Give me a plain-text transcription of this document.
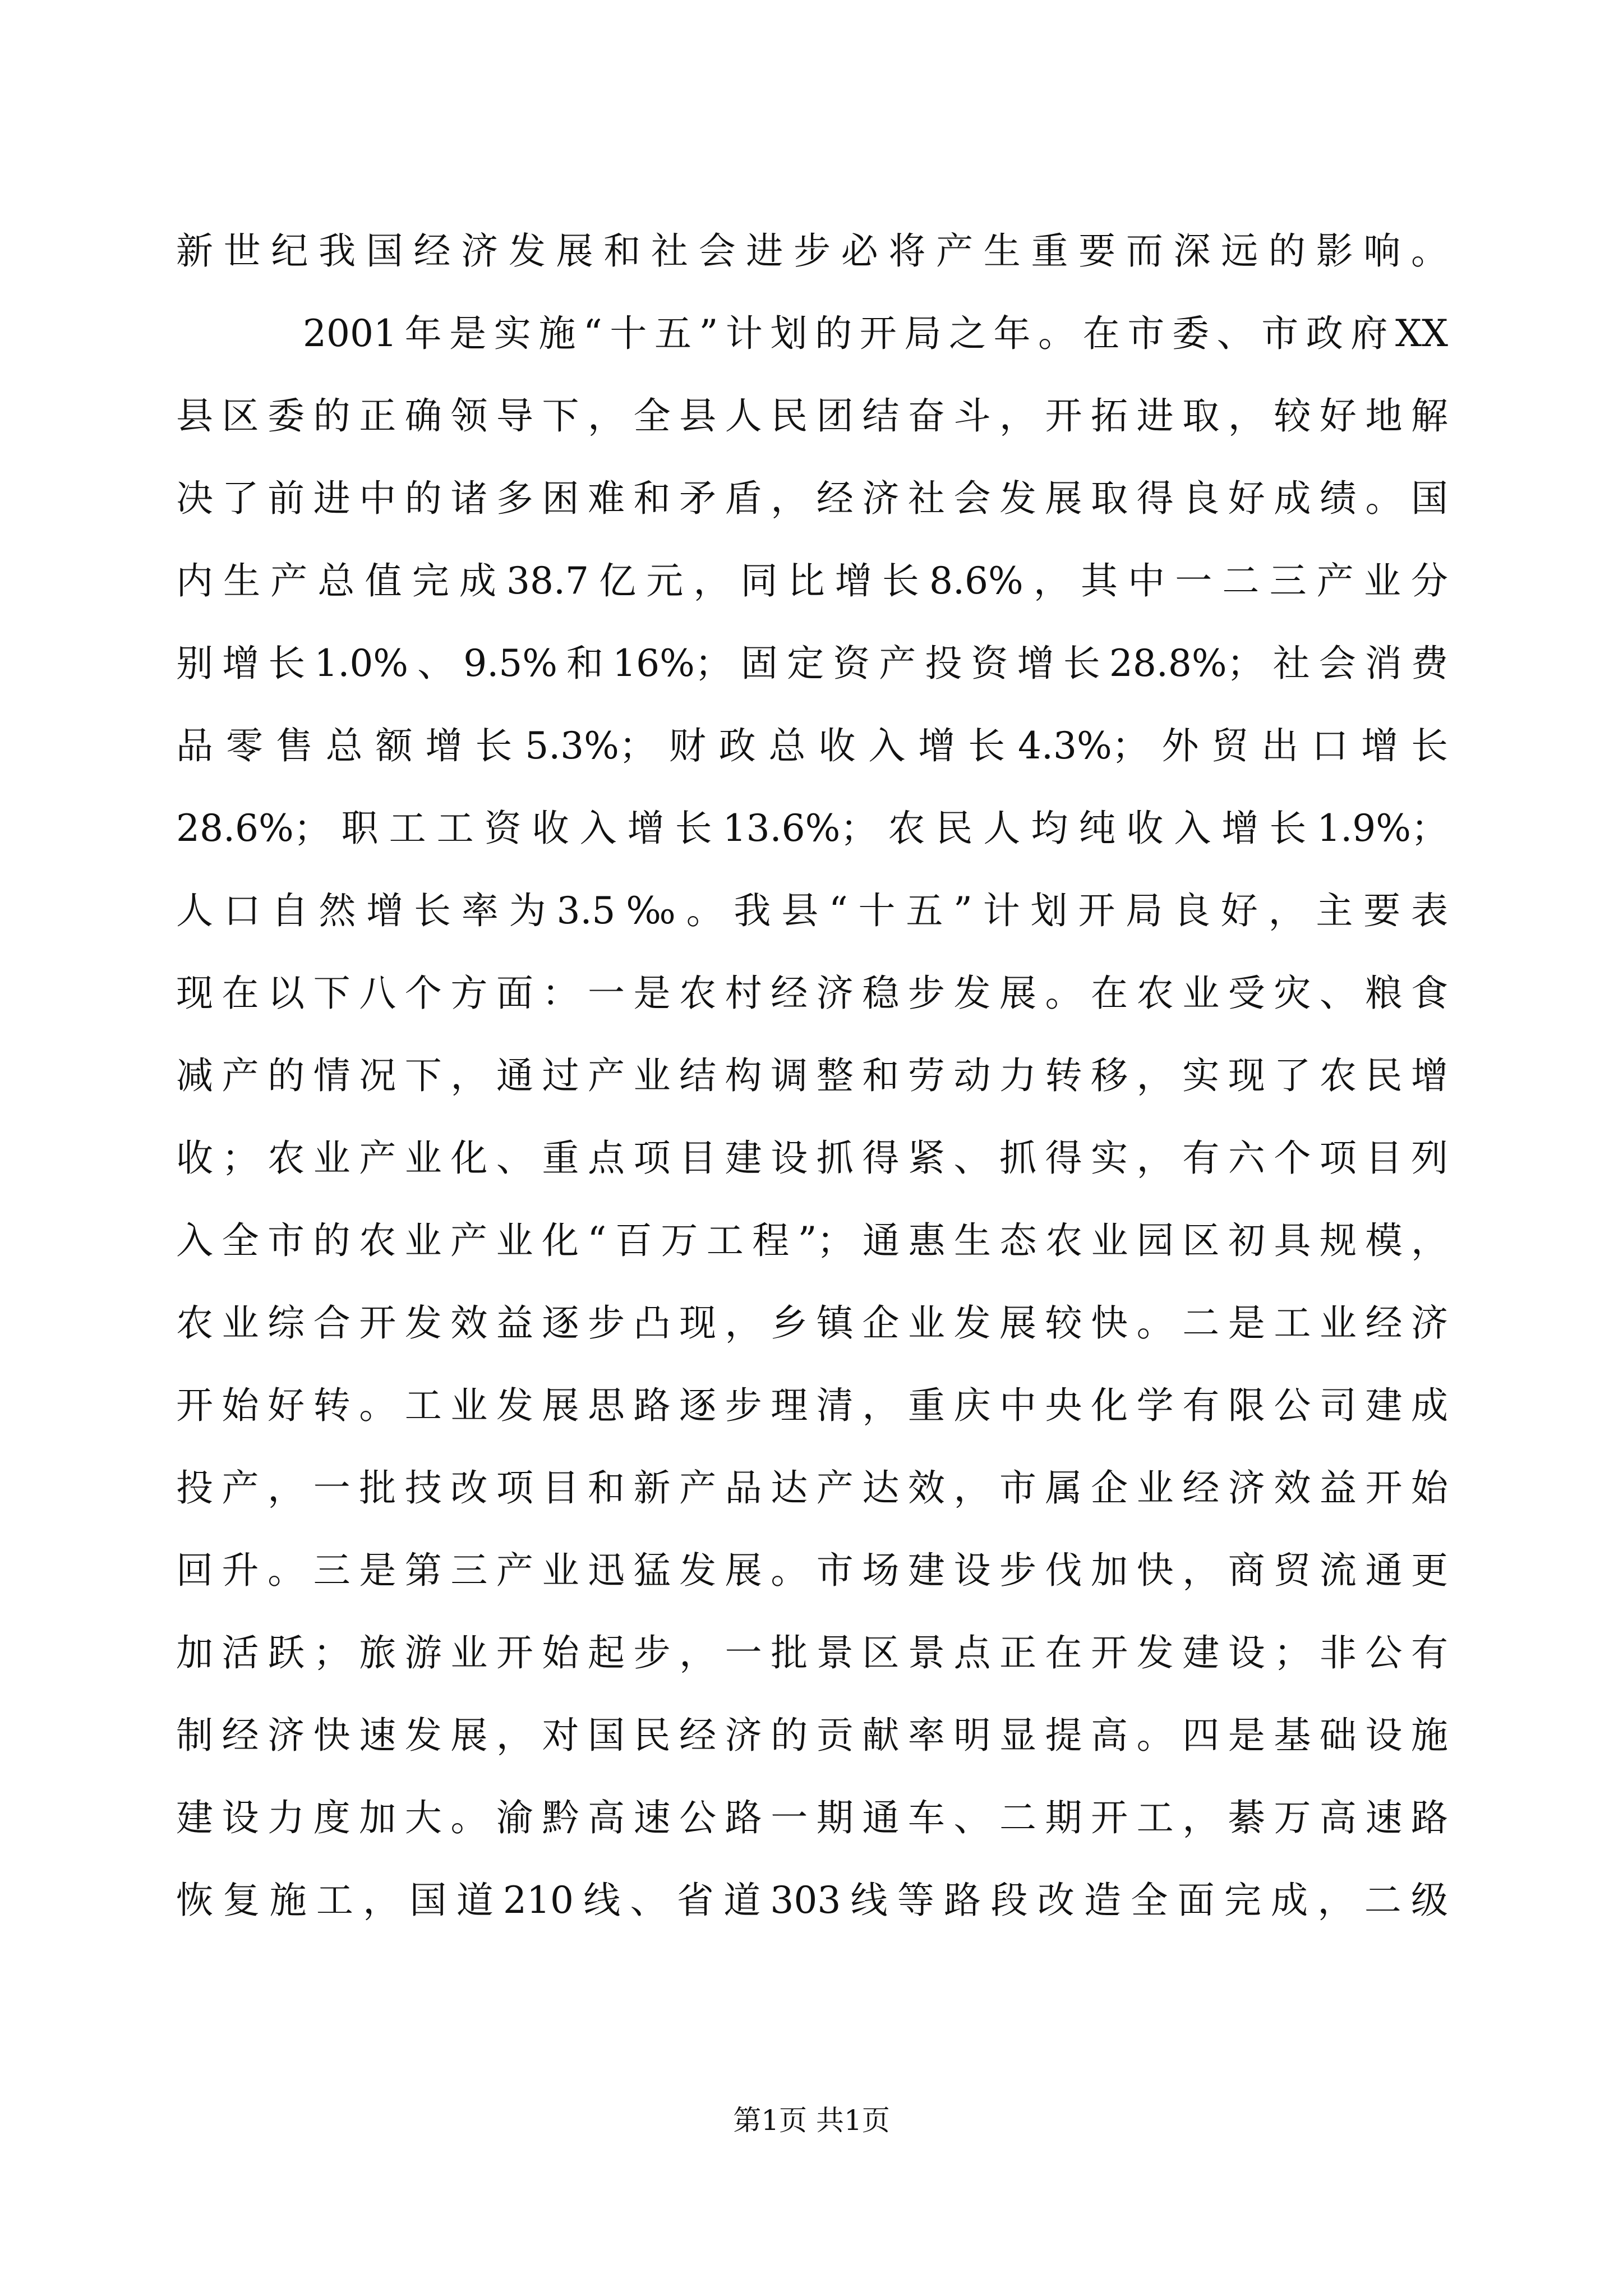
新世纪我国经济发展和社会进步必将产生重要而深远的影响。
2001年是实施“十五”计划的开局之年。在市委、市政府XX
县区委的正确领导下，全县人民团结奋斗，开拓进取，较好地解
决了前进中的诸多困难和矛盾，经济社会发展取得良好成绩。国
内生产总值完成38.7亿元，同比增长8.6%，其中一二三产业分
别增长1.0%、9.5%和16%；固定资产投资增长28.8%；社会消费
品零售总额增长5.3%；财政总收入增长4.3%；外贸出口增长
28.6%；职工工资收入增长13.6%；农民人均纯收入增长1.9%；
人口自然增长率为3.5‰。我县“十五”计划开局良好，主要表
现在以下八个方面：一是农村经济稳步发展。在农业受灾、粮食
减产的情况下，通过产业结构调整和劳动力转移，实现了农民增
收；农业产业化、重点项目建设抓得紧、抓得实，有六个项目列
入全市的农业产业化“百万工程”；通惠生态农业园区初具规模，
农业综合开发效益逐步凸现，乡镇企业发展较快。二是工业经济
开始好转。工业发展思路逐步理清，重庆中央化学有限公司建成
投产，一批技改项目和新产品达产达效，市属企业经济效益开始
回升。三是第三产业迅猛发展。市场建设步伐加快，商贸流通更
加活跃；旅游业开始起步，一批景区景点正在开发建设；非公有
制经济快速发展，对国民经济的贡献率明显提高。四是基础设施
建设力度加大。渝黔高速公路一期通车、二期开工，綦万高速路
恢复施工，国道210线、省道303线等路段改造全面完成，二级
第1页 共1页
